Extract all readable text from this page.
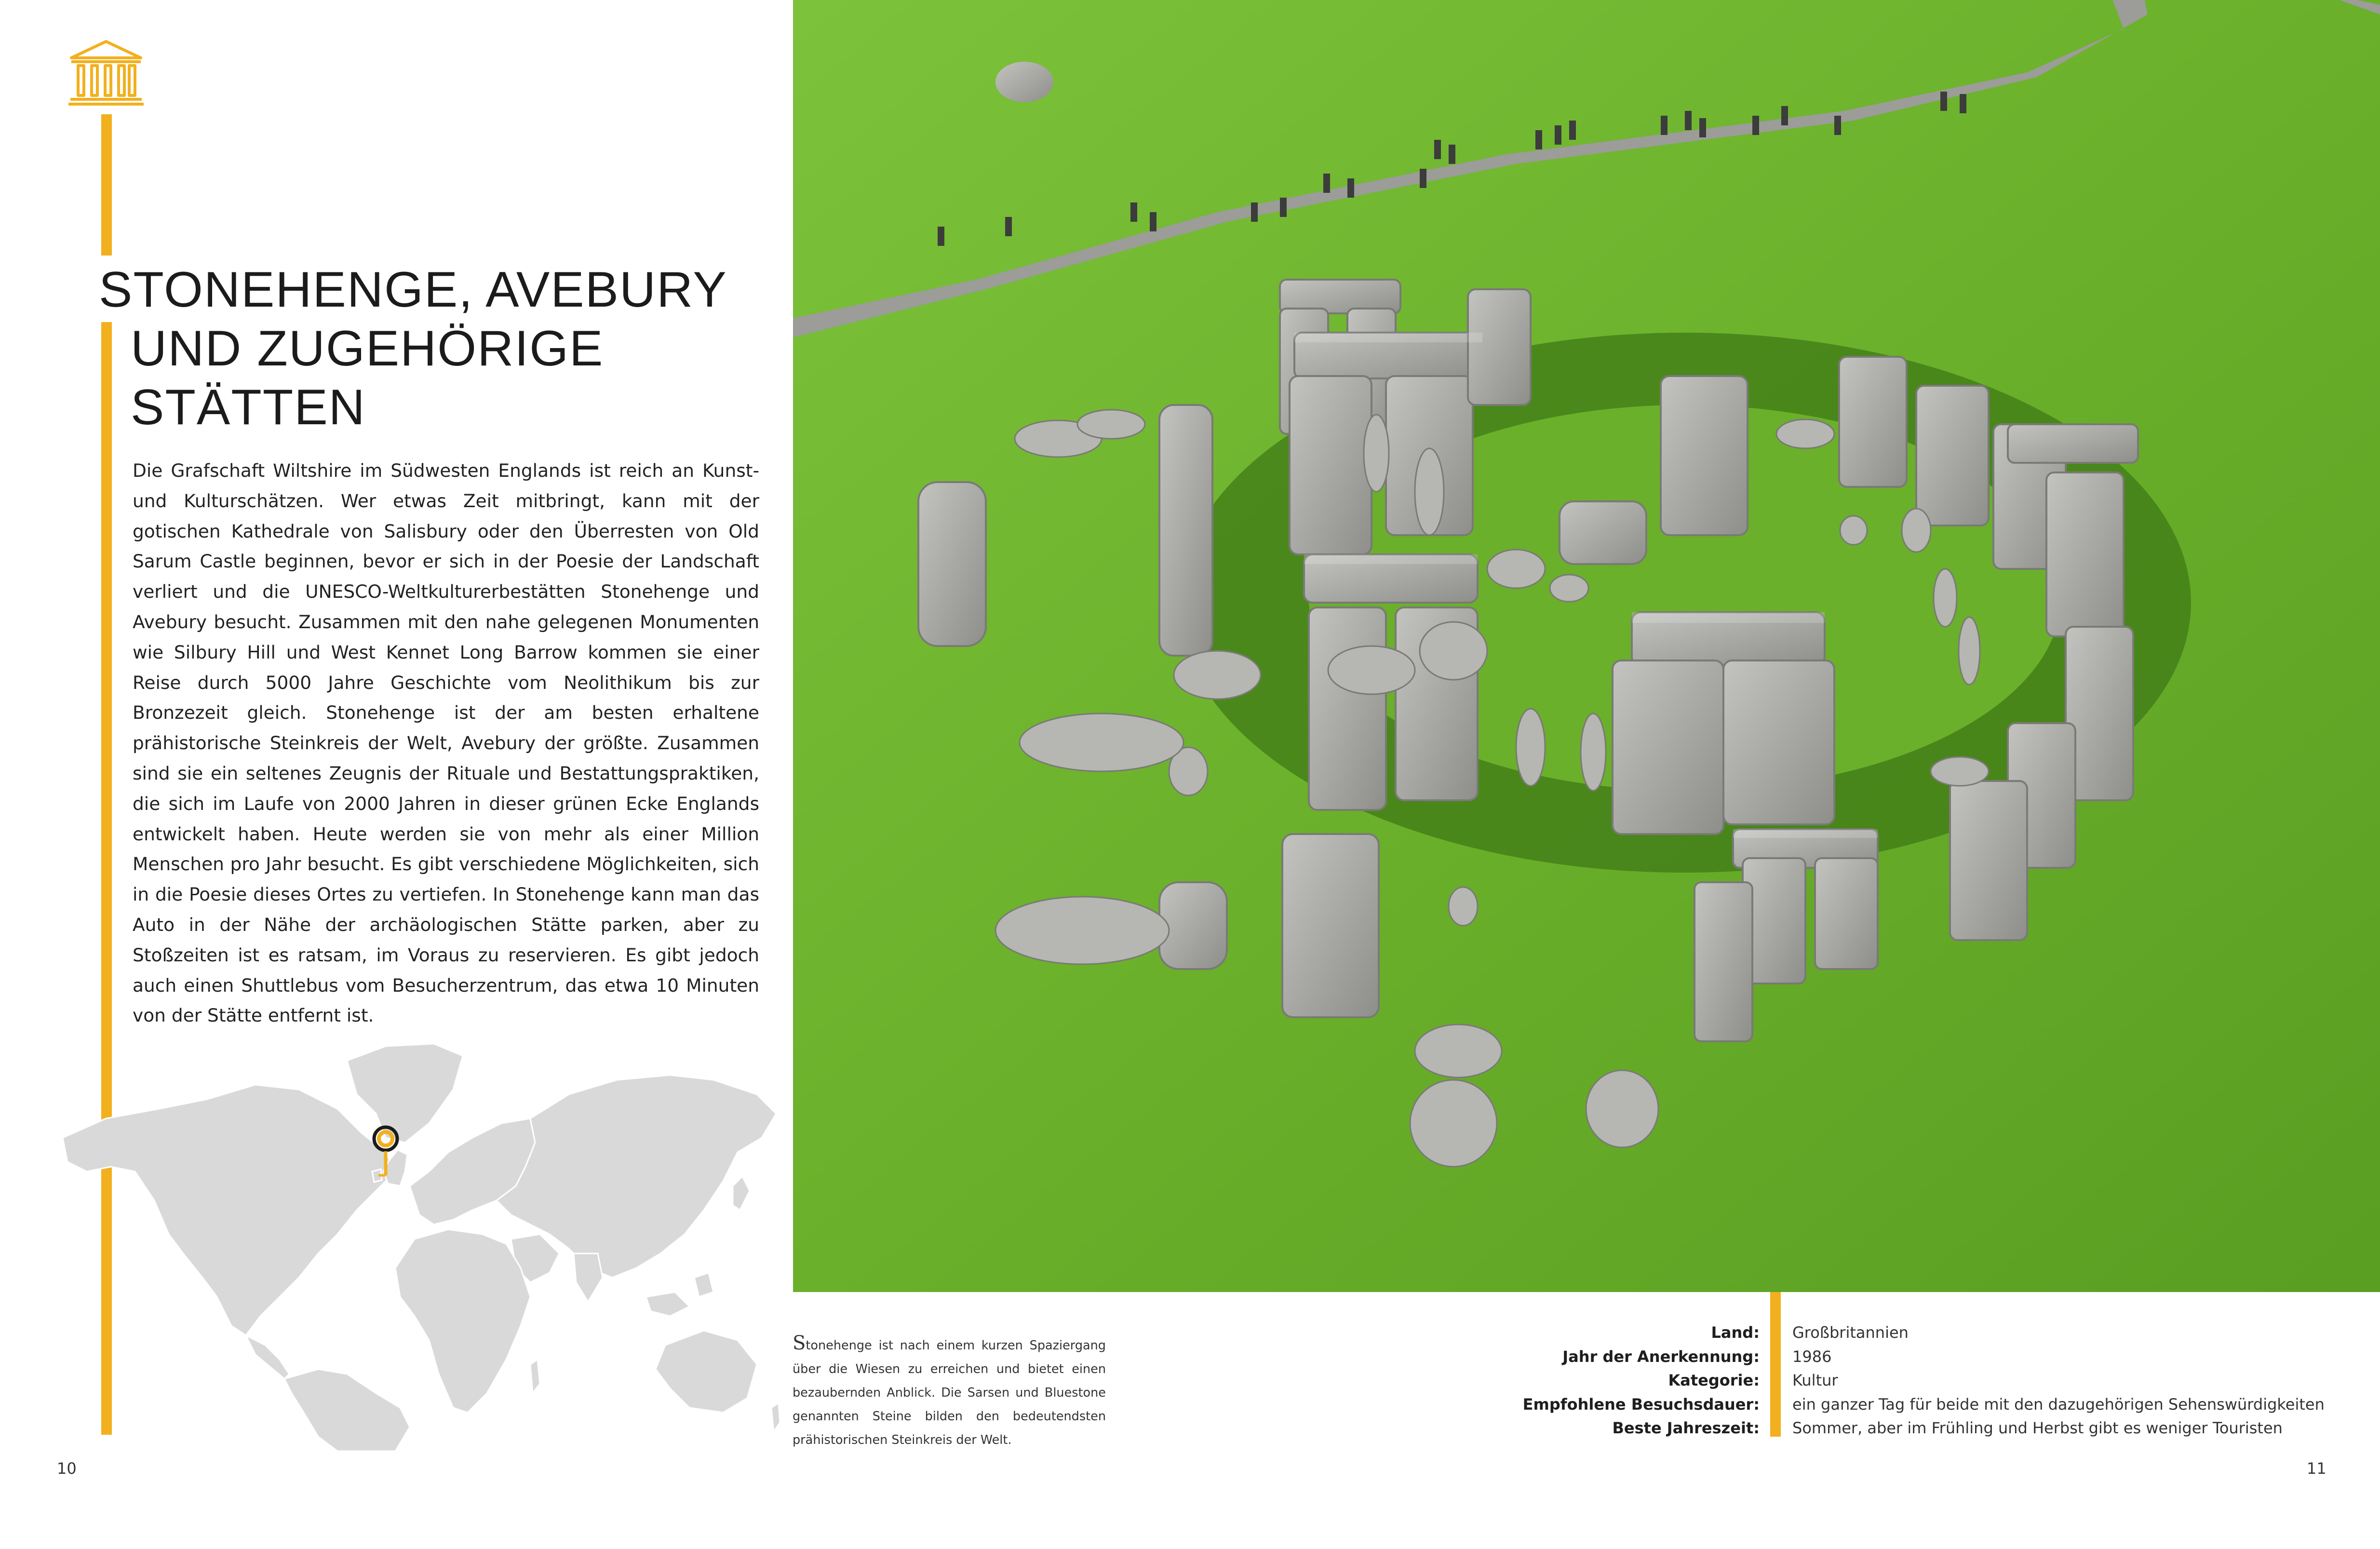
STONEHENGE, AVEBURY
UND ZUGEHÖRIGE
STÄTTEN
Die Grafschaft Wiltshire im Südwesten Englands ist reich an Kunst- und Kulturschätzen. Wer etwas Zeit mitbringt, kann mit der gotischen Kathedrale von Salisbury oder den Überresten von Old Sarum Castle beginnen, bevor er sich in der Poesie der Landschaft verliert und die UNESCO-Weltkulturerbestätten Stonehenge und Avebury besucht. Zusammen mit den nahe gelegenen Monumenten wie Silbury Hill und West Kennet Long Barrow kommen sie einer Reise durch 5000 Jahre Geschichte vom Neolithikum bis zur Bronzezeit gleich. Stonehenge ist der am besten erhaltene prähistorische Steinkreis der Welt, Avebury der größte. Zusammen sind sie ein seltenes Zeugnis der Rituale und Bestattungspraktiken, die sich im Laufe von 2000 Jahren in dieser grünen Ecke Englands entwickelt haben. Heute werden sie von mehr als einer Million Menschen pro Jahr besucht. Es gibt verschiedene Möglichkeiten, sich in die Poesie dieses Ortes zu vertiefen. In Stonehenge kann man das Auto in der Nähe der archäologischen Stätte parken, aber zu Stoßzeiten ist es ratsam, im Voraus zu reservieren. Es gibt jedoch auch einen Shuttlebus vom Besucherzentrum, das etwa 10 Minuten von der Stätte entfernt ist.
Stonehenge ist nach einem kurzen Spaziergang über die Wiesen zu erreichen und bietet einen bezaubernden Anblick. Die Sarsen und Bluestone genannten Steine bilden den bedeutendsten prähistorischen Steinkreis der Welt.
Land:
Jahr der Anerkennung:
Kategorie:
Empfohlene Besuchsdauer:
Beste Jahreszeit:
Großbritannien
1986
Kultur
ein ganzer Tag für beide mit den dazugehörigen Sehenswürdigkeiten
Sommer, aber im Frühling und Herbst gibt es weniger Touristen
10	11
